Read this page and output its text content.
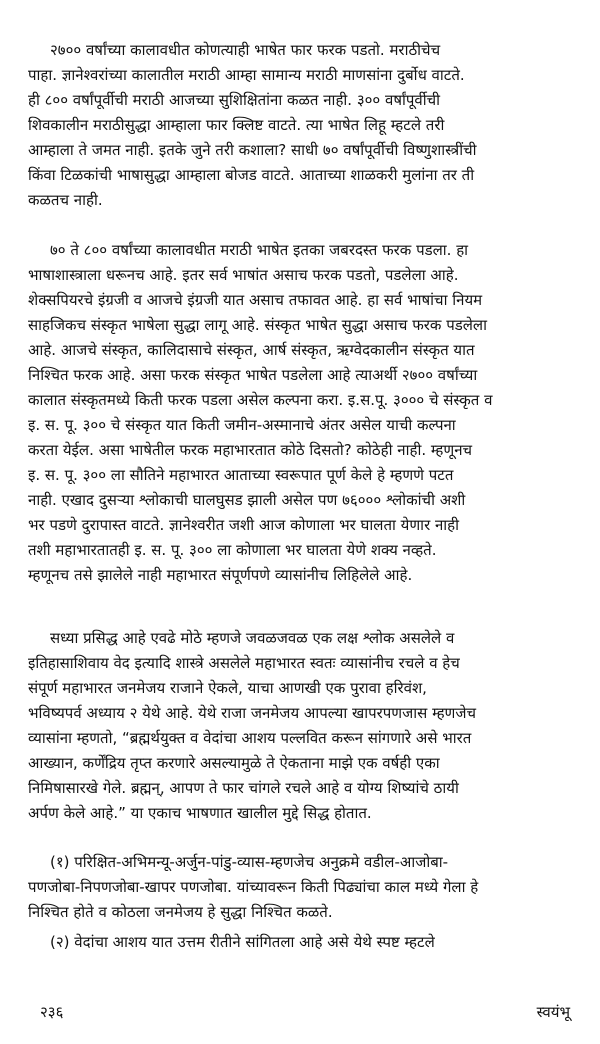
२७०० वर्षांच्या कालावधीत कोणत्याही भाषेत फार फरक पडतो. मराठीचेच
पाहा. ज्ञानेश्वरांच्या कालातील मराठी आम्हा सामान्य मराठी माणसांना दुर्बोध वाटते.
ही ८०० वर्षांपूर्वीची मराठी आजच्या सुशिक्षितांना कळत नाही. ३०० वर्षांपूर्वीची
शिवकालीन मराठीसुद्धा आम्हाला फार क्लिष्ट वाटते. त्या भाषेत लिहू म्हटले तरी
आम्हाला ते जमत नाही. इतके जुने तरी कशाला? साधी ७० वर्षांपूर्वीची विष्णुशास्त्रींची
किंवा टिळकांची भाषासुद्धा आम्हाला बोजड वाटते. आताच्या शाळकरी मुलांना तर ती
कळतच नाही.
७० ते ८०० वर्षांच्या कालावधीत मराठी भाषेत इतका जबरदस्त फरक पडला. हा
भाषाशास्त्राला धरूनच आहे. इतर सर्व भाषांत असाच फरक पडतो, पडलेला आहे.
शेक्सपियरचे इंग्रजी व आजचे इंग्रजी यात असाच तफावत आहे. हा सर्व भाषांचा नियम
साहजिकच संस्कृत भाषेला सुद्धा लागू आहे. संस्कृत भाषेत सुद्धा असाच फरक पडलेला
आहे. आजचे संस्कृत, कालिदासाचे संस्कृत, आर्ष संस्कृत, ऋग्वेदकालीन संस्कृत यात
निश्चित फरक आहे. असा फरक संस्कृत भाषेत पडलेला आहे त्याअर्थी २७०० वर्षांच्या
कालात संस्कृतमध्ये किती फरक पडला असेल कल्पना करा. इ.स.पू. ३००० चे संस्कृत व
इ. स. पू. ३०० चे संस्कृत यात किती जमीन-अस्मानाचे अंतर असेल याची कल्पना
करता येईल. असा भाषेतील फरक महाभारतात कोठे दिसतो? कोठेही नाही. म्हणूनच
इ. स. पू. ३०० ला सौतिने महाभारत आताच्या स्वरूपात पूर्ण केले हे म्हणणे पटत
नाही. एखाद दुसऱ्या श्लोकाची घालघुसड झाली असेल पण ७६००० श्लोकांची अशी
भर पडणे दुरापास्त वाटते. ज्ञानेश्वरीत जशी आज कोणाला भर घालता येणार नाही
तशी महाभारतातही इ. स. पू. ३०० ला कोणाला भर घालता येणे शक्य नव्हते.
म्हणूनच तसे झालेले नाही महाभारत संपूर्णपणे व्यासांनीच लिहिलेले आहे.
सध्या प्रसिद्ध आहे एवढे मोठे म्हणजे जवळजवळ एक लक्ष श्लोक असलेले व
इतिहासाशिवाय वेद इत्यादि शास्त्रे असलेले महाभारत स्वतः व्यासांनीच रचले व हेच
संपूर्ण महाभारत जनमेजय राजाने ऐकले, याचा आणखी एक पुरावा हरिवंश,
भविष्यपर्व अध्याय २ येथे आहे. येथे राजा जनमेजय आपल्या खापरपणजास म्हणजेच
व्यासांना म्हणतो, “ब्रह्मर्थयुक्त व वेदांचा आशय पल्लवित करून सांगणारे असे भारत
आख्यान, कर्णेंद्रिय तृप्त करणारे असल्यामुळे ते ऐकताना माझे एक वर्षही एका
निमिषासारखे गेले. ब्रह्मन्, आपण ते फार चांगले रचले आहे व योग्य शिष्यांचे ठायी
अर्पण केले आहे.” या एकाच भाषणात खालील मुद्दे सिद्ध होतात.
(१) परिक्षित-अभिमन्यू-अर्जुन-पांडु-व्यास-म्हणजेच अनुक्रमे वडील-आजोबा-
पणजोबा-निपणजोबा-खापर पणजोबा. यांच्यावरून किती पिढ्यांचा काल मध्ये गेला हे
निश्चित होते व कोठला जनमेजय हे सुद्धा निश्चित कळते.
(२) वेदांचा आशय यात उत्तम रीतीने सांगितला आहे असे येथे स्पष्ट म्हटले
२३६	स्वयंभू
